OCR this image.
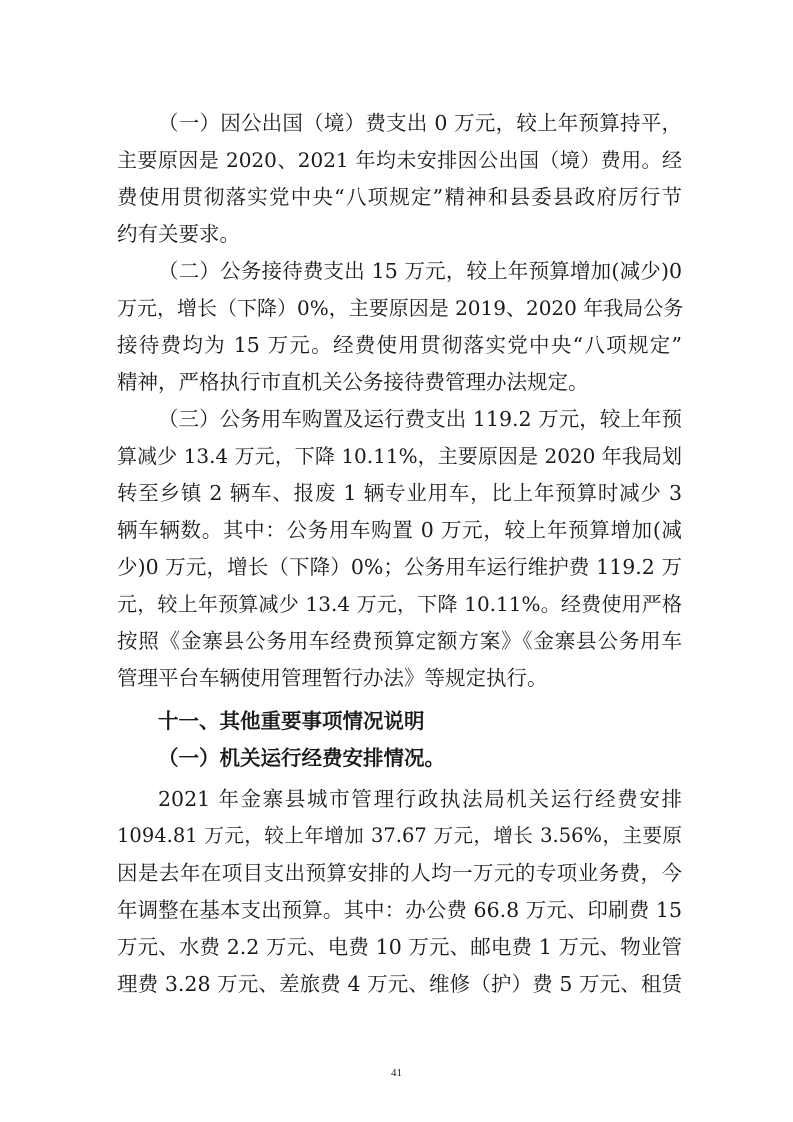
（一）因公出国（境）费支出 0 万元，较上年预算持平，
主要原因是 2020、2021 年均未安排因公出国（境）费用。经
费使用贯彻落实党中央“八项规定”精神和县委县政府厉行节
约有关要求。
（二）公务接待费支出 15 万元，较上年预算增加(减少)0
万元，增长（下降）0%，主要原因是 2019、2020 年我局公务
接待费均为 15 万元。经费使用贯彻落实党中央“八项规定”
精神，严格执行市直机关公务接待费管理办法规定。
（三）公务用车购置及运行费支出 119.2 万元，较上年预
算减少 13.4 万元，下降 10.11%，主要原因是 2020 年我局划
转至乡镇 2 辆车、报废 1 辆专业用车，比上年预算时减少 3
辆车辆数。其中：公务用车购置 0 万元，较上年预算增加(减
少)0 万元，增长（下降）0%；公务用车运行维护费 119.2 万
元，较上年预算减少 13.4 万元，下降 10.11%。经费使用严格
按照《金寨县公务用车经费预算定额方案》《金寨县公务用车
管理平台车辆使用管理暂行办法》等规定执行。
十一、其他重要事项情况说明
（一）机关运行经费安排情况。
2021 年金寨县城市管理行政执法局机关运行经费安排
1094.81 万元，较上年增加 37.67 万元，增长 3.56%，主要原
因是去年在项目支出预算安排的人均一万元的专项业务费，今
年调整在基本支出预算。其中：办公费 66.8 万元、印刷费 15
万元、水费 2.2 万元、电费 10 万元、邮电费 1 万元、物业管
理费 3.28 万元、差旅费 4 万元、维修（护）费 5 万元、租赁
41
